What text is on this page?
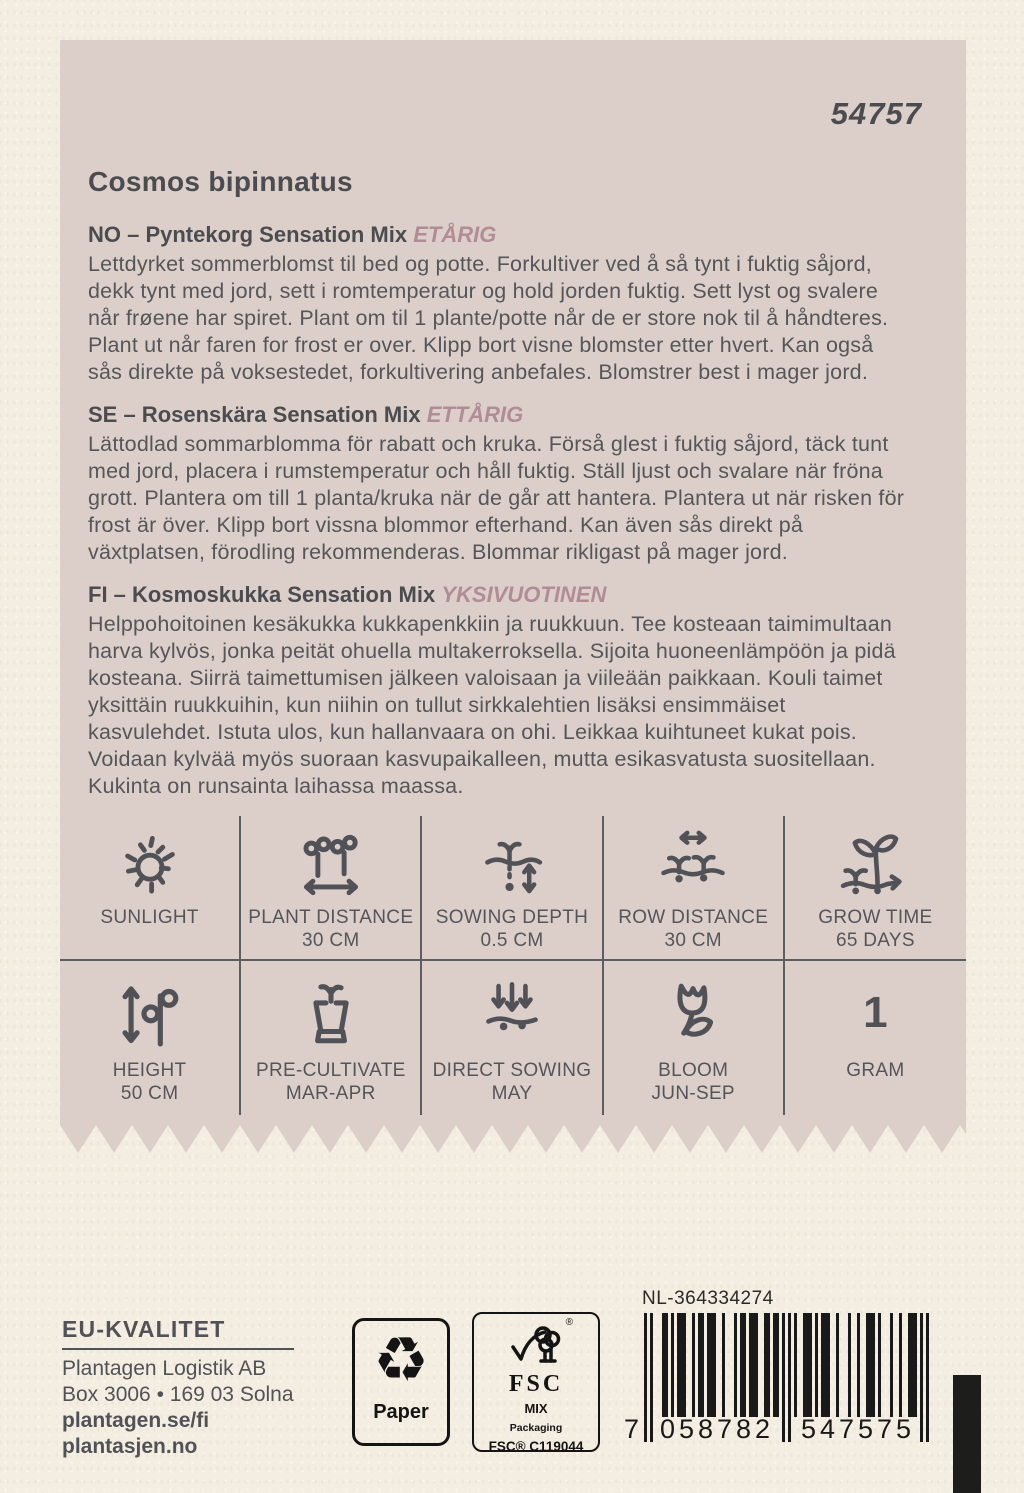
54757
Cosmos bipinnatus
NO – Pyntekorg Sensation Mix ETÅRIG

Lettdyrket sommerblomst til bed og potte. Forkultiver ved å så tynt i fuktig såjord, dekk tynt med jord, sett i romtemperatur og hold jorden fuktig. Sett lyst og svalere når frøene har spiret. Plant om til 1 plante/potte når de er store nok til å håndteres. Plant ut når faren for frost er over. Klipp bort visne blomster etter hvert. Kan også sås direkte på voksestedet, forkultivering anbefales. Blomstrer best i mager jord.

SE – Rosenskära Sensation Mix ETTÅRIG

Lättodlad sommarblomma för rabatt och kruka. Förså glest i fuktig såjord, täck tunt med jord, placera i rumstemperatur och håll fuktig. Ställ ljust och svalare när fröna grott. Plantera om till 1 planta/kruka när de går att hantera. Plantera ut när risken för frost är över. Klipp bort vissna blommor efterhand. Kan även sås direkt på växtplatsen, förodling rekommenderas. Blommar rikligast på mager jord.

FI – Kosmoskukka Sensation Mix YKSIVUOTINEN

Helppohoitoinen kesäkukka kukkapenkkiin ja ruukkuun. Tee kosteaan taimimultaan harva kylvös, jonka peität ohuella multakerroksella. Sijoita huoneenlämpöön ja pidä kosteana. Siirrä taimettumisen jälkeen valoisaan ja viileään paikkaan. Kouli taimet yksittäin ruukkuihin, kun niihin on tullut sirkkalehtien lisäksi ensimmäiset kasvulehdet. Istuta ulos, kun hallanvaara on ohi. Leikkaa kuihtuneet kukat pois. Voidaan kylvää myös suoraan kasvupaikalleen, mutta esikasvatusta suositellaan. Kukinta on runsainta laihassa maassa.

SUNLIGHT	PLANT DISTANCE
30 CM
SOWING DEPTH
0.5 CM
ROW DISTANCE
30 CM
GROW TIME
65 DAYS
HEIGHT
50 CM
PRE-CULTIVATE
MAR-APR
DIRECT SOWING
MAY
BLOOM
JUN-SEP
1
GRAM
EU-KVALITET
Plantagen Logistik AB
Box 3006 • 169 03 Solna
plantagen.se/fi
plantasjen.no
♻
Paper
®
FSC
MIX
Packaging
FSC® C119044
NL-364334274
7 058782 547575
